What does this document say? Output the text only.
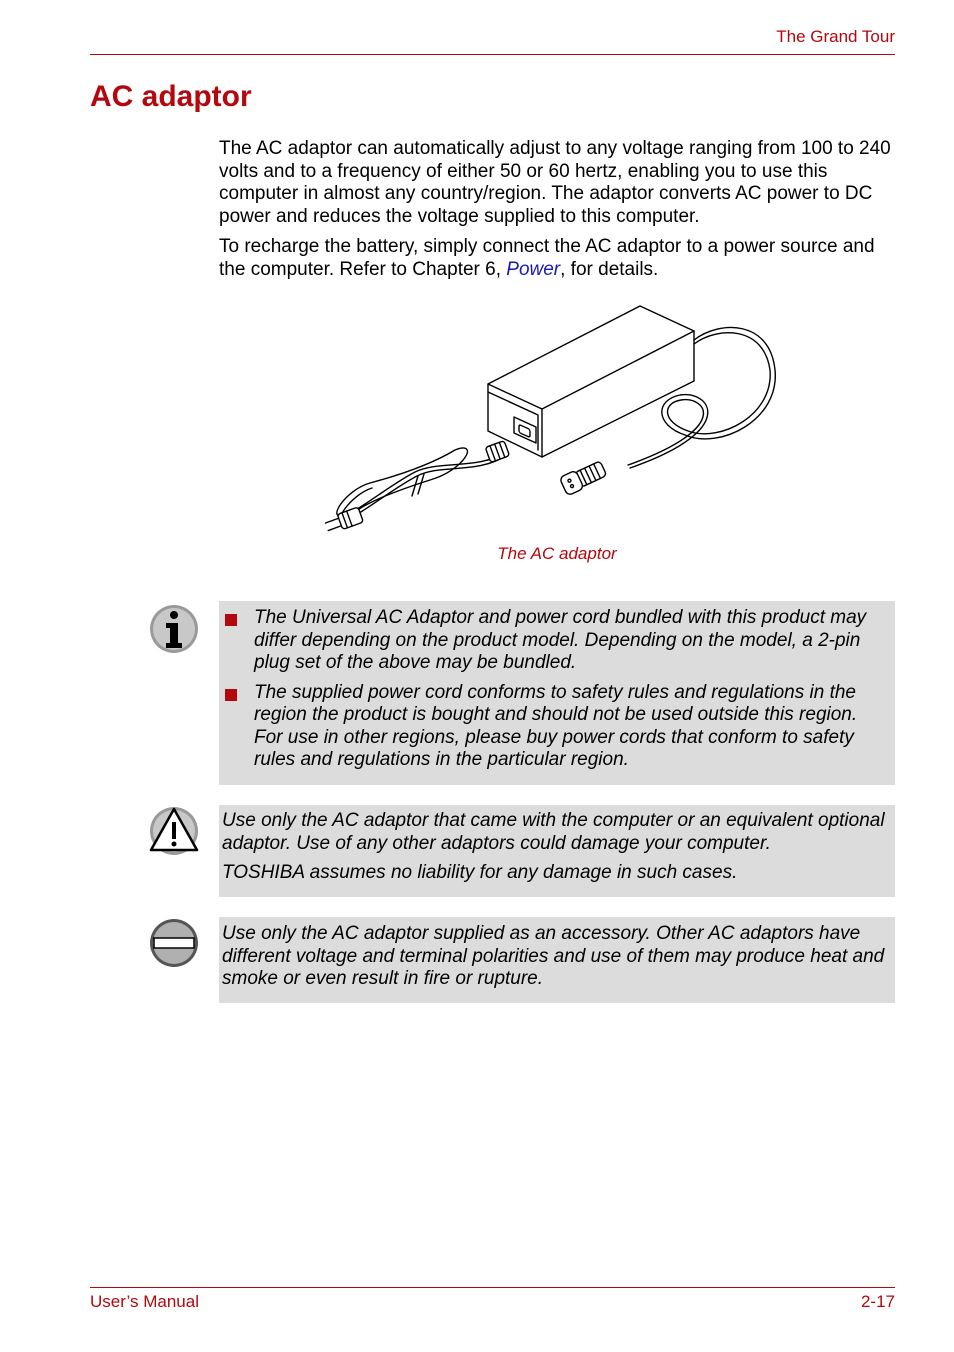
The Grand Tour
AC adaptor

The AC adaptor can automatically adjust to any voltage ranging from 100 to 240 volts and to a frequency of either 50 or 60 hertz, enabling you to use this computer in almost any country/region. The adaptor converts AC power to DC power and reduces the voltage supplied to this computer.

To recharge the battery, simply connect the AC adaptor to a power source and the computer. Refer to Chapter 6, Power, for details.

The AC adaptor
The Universal AC Adaptor and power cord bundled with this product may differ depending on the product model. Depending on the model, a 2-pin plug set of the above may be bundled.
The supplied power cord conforms to safety rules and regulations in the region the product is bought and should not be used outside this region. For use in other regions, please buy power cords that conform to safety rules and regulations in the particular region.

Use only the AC adaptor that came with the computer or an equivalent optional adaptor. Use of any other adaptors could damage your computer.

TOSHIBA assumes no liability for any damage in such cases.

Use only the AC adaptor supplied as an accessory. Other AC adaptors have different voltage and terminal polarities and use of them may produce heat and smoke or even result in fire or rupture.

User’s Manual	2-17
